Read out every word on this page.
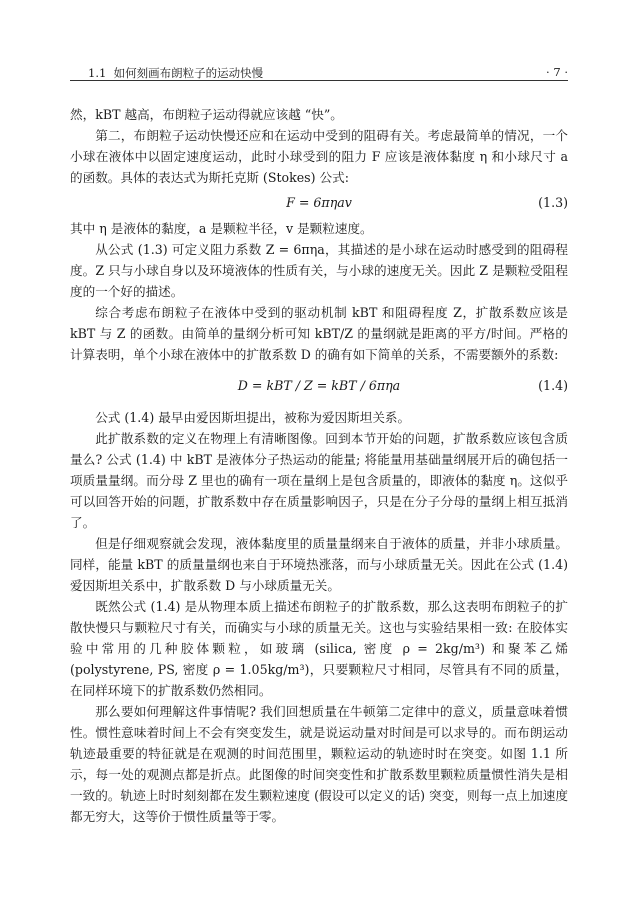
1.1 如何刻画布朗粒子的运动快慢	· 7 ·

然，kBT 越高，布朗粒子运动得就应该越 “快”。

第二，布朗粒子运动快慢还应和在运动中受到的阻碍有关。考虑最简单的情况，一个小球在液体中以固定速度运动，此时小球受到的阻力 F 应该是液体黏度 η 和小球尺寸 a 的函数。具体的表达式为斯托克斯 (Stokes) 公式:

F = 6πηav	(1.3)

其中 η 是液体的黏度，a 是颗粒半径，v 是颗粒速度。

从公式 (1.3) 可定义阻力系数 Z = 6πηa，其描述的是小球在运动时感受到的阻碍程度。Z 只与小球自身以及环境液体的性质有关，与小球的速度无关。因此 Z 是颗粒受阻程度的一个好的描述。

综合考虑布朗粒子在液体中受到的驱动机制 kBT 和阻碍程度 Z，扩散系数应该是 kBT 与 Z 的函数。由简单的量纲分析可知 kBT/Z 的量纲就是距离的平方/时间。严格的计算表明，单个小球在液体中的扩散系数 D 的确有如下简单的关系，不需要额外的系数:

D = kBT / Z = kBT / 6πηa	(1.4)

公式 (1.4) 最早由爱因斯坦提出，被称为爱因斯坦关系。

此扩散系数的定义在物理上有清晰图像。回到本节开始的问题，扩散系数应该包含质量么? 公式 (1.4) 中 kBT 是液体分子热运动的能量; 将能量用基础量纲展开后的确包括一项质量量纲。而分母 Z 里也的确有一项在量纲上是包含质量的，即液体的黏度 η。这似乎可以回答开始的问题，扩散系数中存在质量影响因子，只是在分子分母的量纲上相互抵消了。

但是仔细观察就会发现，液体黏度里的质量量纲来自于液体的质量，并非小球质量。同样，能量 kBT 的质量量纲也来自于环境热涨落，而与小球质量无关。因此在公式 (1.4) 爱因斯坦关系中，扩散系数 D 与小球质量无关。

既然公式 (1.4) 是从物理本质上描述布朗粒子的扩散系数，那么这表明布朗粒子的扩散快慢只与颗粒尺寸有关，而确实与小球的质量无关。这也与实验结果相一致: 在胶体实验中常用的几种胶体颗粒，如玻璃 (silica, 密度 ρ = 2kg/m³) 和聚苯乙烯 (polystyrene, PS, 密度 ρ = 1.05kg/m³)，只要颗粒尺寸相同，尽管具有不同的质量，在同样环境下的扩散系数仍然相同。

那么要如何理解这件事情呢? 我们回想质量在牛顿第二定律中的意义，质量意味着惯性。惯性意味着时间上不会有突变发生，就是说运动量对时间是可以求导的。而布朗运动轨迹最重要的特征就是在观测的时间范围里，颗粒运动的轨迹时时在突变。如图 1.1 所示，每一处的观测点都是折点。此图像的时间突变性和扩散系数里颗粒质量惯性消失是相一致的。轨迹上时时刻刻都在发生颗粒速度 (假设可以定义的话) 突变，则每一点上加速度都无穷大，这等价于惯性质量等于零。
